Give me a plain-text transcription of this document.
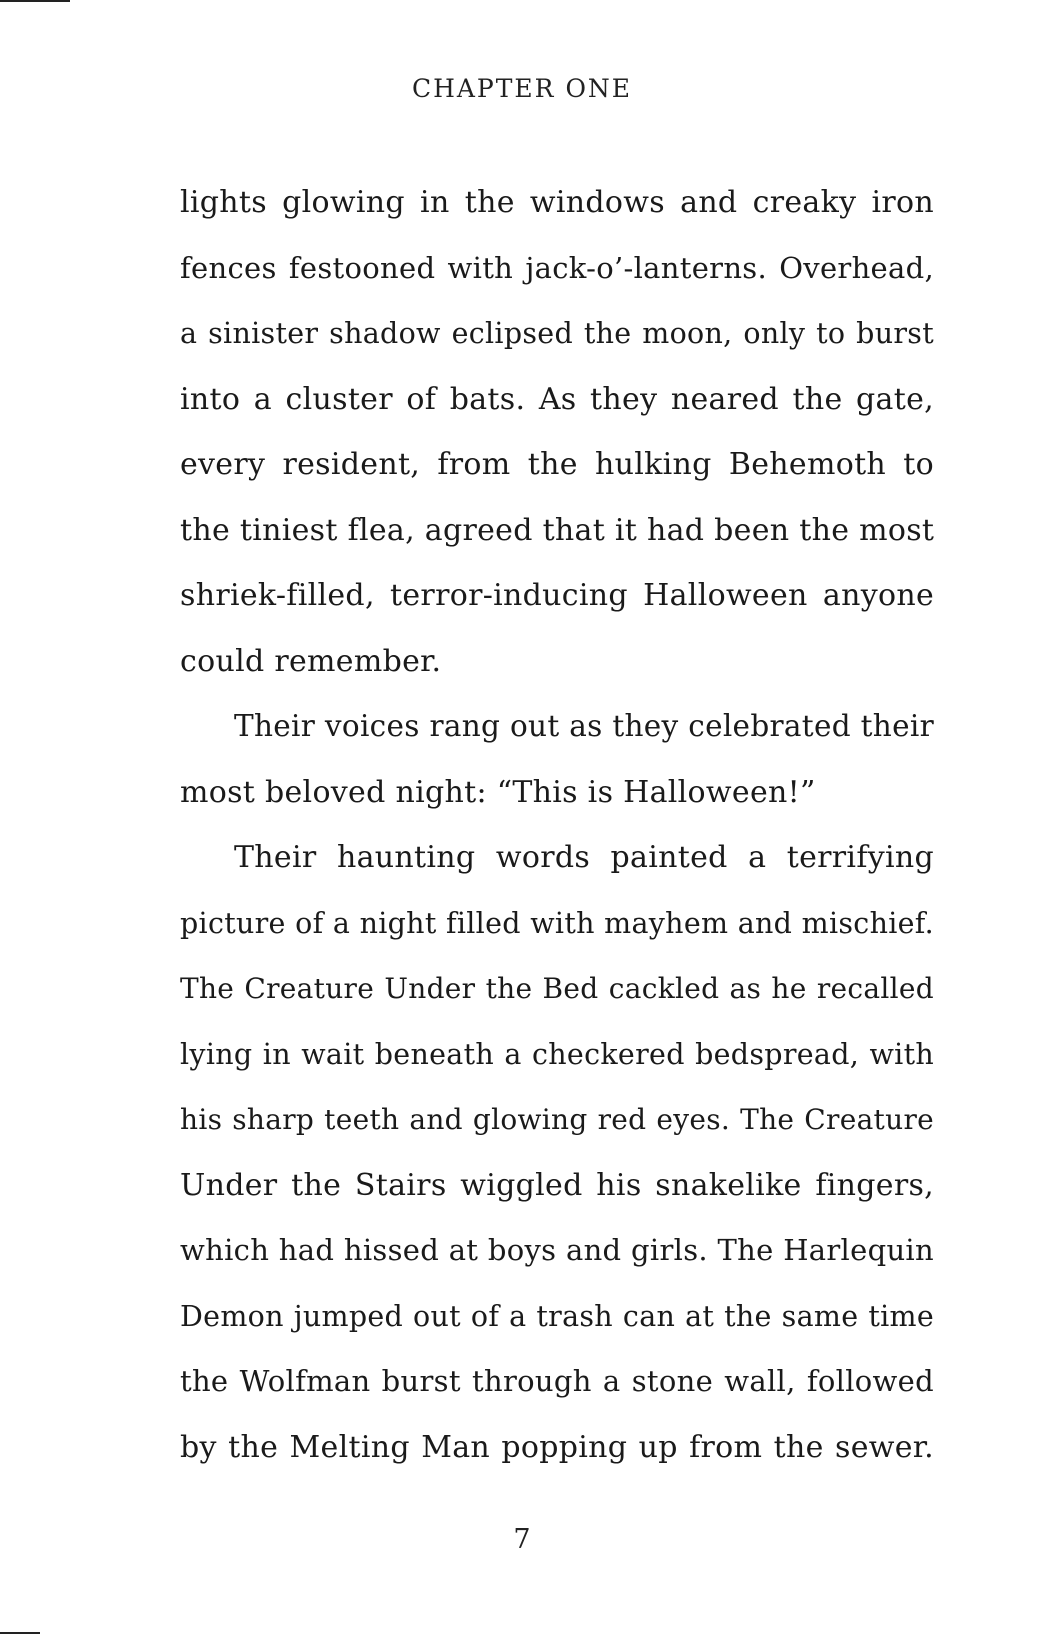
CHAPTER ONE
lights glowing in the windows and creaky iron
fences festooned with jack-o’-lanterns. Overhead,
a sinister shadow eclipsed the moon, only to burst
into a cluster of bats. As they neared the gate,
every resident, from the hulking Behemoth to
the tiniest flea, agreed that it had been the most
shriek-filled, terror-inducing Halloween anyone
could remember.
Their voices rang out as they celebrated their
most beloved night: “This is Halloween!”
Their haunting words painted a terrifying
picture of a night filled with mayhem and mischief.
The Creature Under the Bed cackled as he recalled
lying in wait beneath a checkered bedspread, with
his sharp teeth and glowing red eyes. The Creature
Under the Stairs wiggled his snakelike fingers,
which had hissed at boys and girls. The Harlequin
Demon jumped out of a trash can at the same time
the Wolfman burst through a stone wall, followed
by the Melting Man popping up from the sewer.
7
